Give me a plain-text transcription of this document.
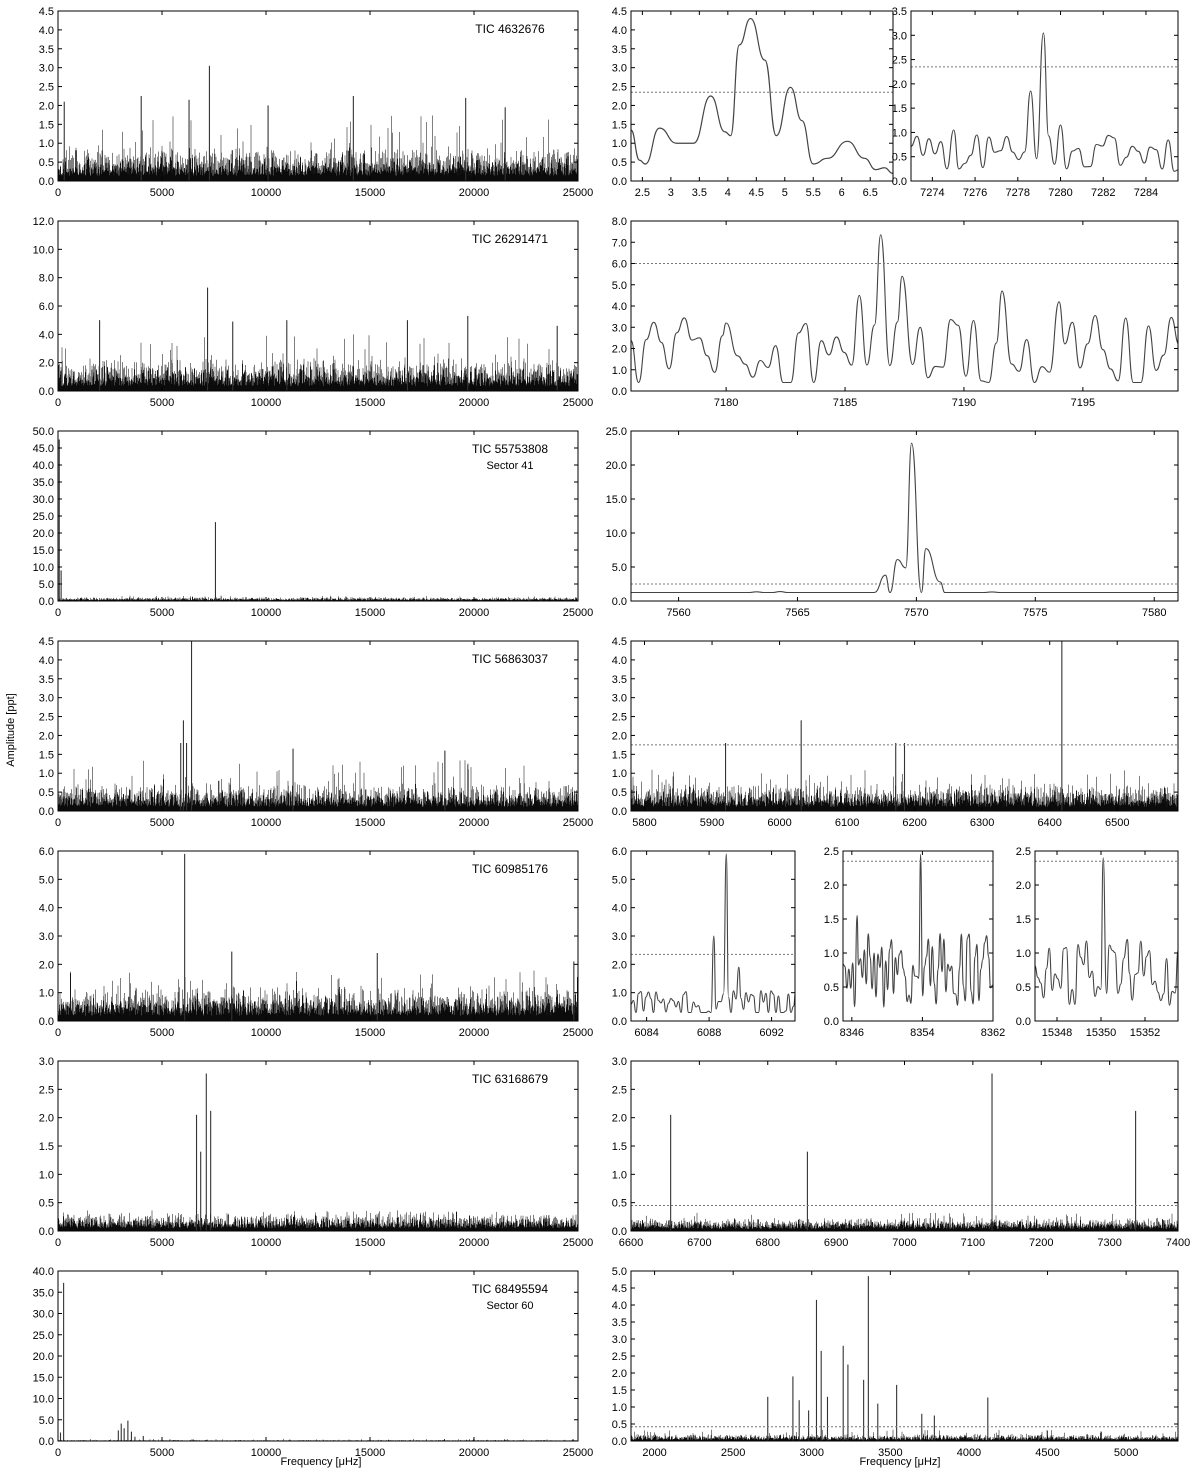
0.0
0.5
1.0
1.5
2.0
2.5
3.0
3.5
4.0
4.5
0	5000	10000	15000	20000	25000
TIC 4632676
0.0
0.5
1.0
1.5
2.0
2.5
3.0
3.5
4.0
4.5
2.5 3 3.5 4 4.5 5 5.5 6 6.5
0.0
0.5
1.0
1.5
2.0
2.5
3.0
3.5
7274 7276 7278 7280 7282 7284
0.0
2.0
4.0
6.0
8.0
10.0
12.0
0	5000	10000	15000	20000	25000
TIC 26291471
0.0
1.0
2.0
3.0
4.0
5.0
6.0
7.0
8.0
7180	7185	7190	7195
0.0
5.0
10.0
15.0
20.0
25.0
30.0
35.0
40.0
45.0
50.0
0	5000	10000	15000	20000	25000
TIC 55753808
Sector 41
0.0
5.0
10.0
15.0
20.0
25.0
7560	7565	7570	7575	7580
0.0
0.5
1.0
1.5
2.0
2.5
3.0
3.5
4.0
4.5
0	5000	10000	15000	20000	25000
TIC 56863037
0.0
0.5
1.0
1.5
2.0
2.5
3.0
3.5
4.0
4.5
5800	5900	6000	6100	6200	6300	6400	6500
0.0
1.0
2.0
3.0
4.0
5.0
6.0
0	5000	10000	15000	20000	25000
TIC 60985176
0.0
1.0
2.0
3.0
4.0
5.0
6.0
6084	6088	6092
0.0
0.5
1.0
1.5
2.0
2.5
8346	8354	8362
0.0
0.5
1.0
1.5
2.0
2.5
15348 15350 15352
0.0
0.5
1.0
1.5
2.0
2.5
3.0
0	5000	10000	15000	20000	25000
TIC 63168679
0.0
0.5
1.0
1.5
2.0
2.5
3.0
6600	6700	6800	6900	7000	7100	7200	7300	7400
0.0
5.0
10.0
15.0
20.0
25.0
30.0
35.0
40.0
0	5000	10000	15000	20000	25000
TIC 68495594
Sector 60
0.0
0.5
1.0
1.5
2.0
2.5
3.0
3.5
4.0
4.5
5.0
2000	2500	3000	3500	4000	4500	5000
Amplitude [ppt]
Frequency [μHz]	Frequency [μHz]
